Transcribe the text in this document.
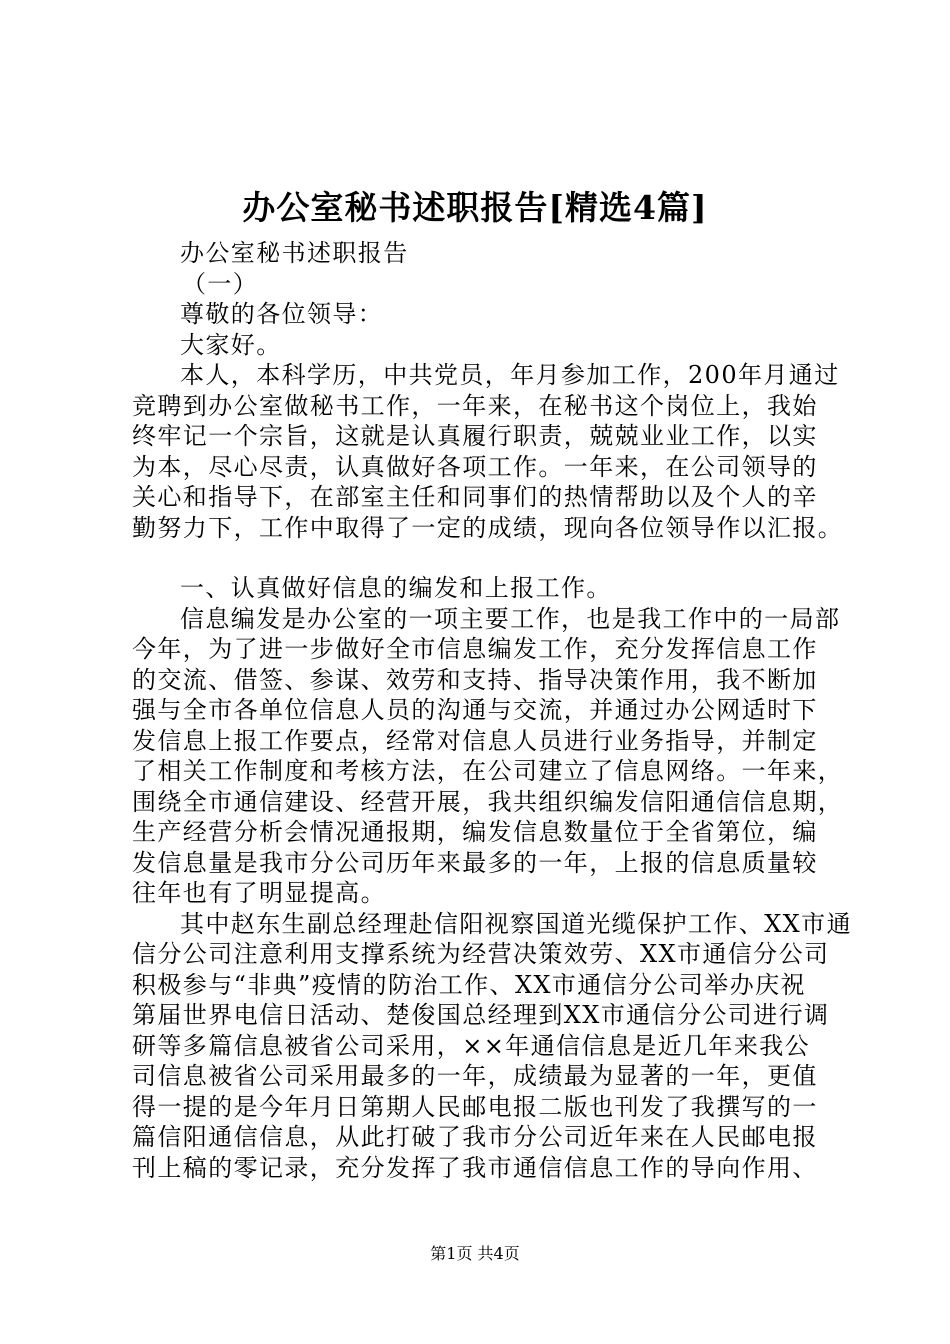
办公室秘书述职报告[精选4篇]
办公室秘书述职报告
（一）
尊敬的各位领导：
大家好。
本人，本科学历，中共党员，年月参加工作，200年月通过
竞聘到办公室做秘书工作，一年来，在秘书这个岗位上，我始
终牢记一个宗旨，这就是认真履行职责，兢兢业业工作，以实
为本，尽心尽责，认真做好各项工作。一年来，在公司领导的
关心和指导下，在部室主任和同事们的热情帮助以及个人的辛
勤努力下，工作中取得了一定的成绩，现向各位领导作以汇报。
一、认真做好信息的编发和上报工作。
信息编发是办公室的一项主要工作，也是我工作中的一局部
今年，为了进一步做好全市信息编发工作，充分发挥信息工作
的交流、借签、参谋、效劳和支持、指导决策作用，我不断加
强与全市各单位信息人员的沟通与交流，并通过办公网适时下
发信息上报工作要点，经常对信息人员进行业务指导，并制定
了相关工作制度和考核方法，在公司建立了信息网络。一年来，
围绕全市通信建设、经营开展，我共组织编发信阳通信信息期，
生产经营分析会情况通报期，编发信息数量位于全省第位，编
发信息量是我市分公司历年来最多的一年，上报的信息质量较
往年也有了明显提高。
其中赵东生副总经理赴信阳视察国道光缆保护工作、XX市通
信分公司注意利用支撑系统为经营决策效劳、XX市通信分公司
积极参与“非典”疫情的防治工作、XX市通信分公司举办庆祝
第届世界电信日活动、楚俊国总经理到XX市通信分公司进行调
研等多篇信息被省公司采用，××年通信信息是近几年来我公
司信息被省公司采用最多的一年，成绩最为显著的一年，更值
得一提的是今年月日第期人民邮电报二版也刊发了我撰写的一
篇信阳通信信息，从此打破了我市分公司近年来在人民邮电报
刊上稿的零记录，充分发挥了我市通信信息工作的导向作用、
第1页 共4页
